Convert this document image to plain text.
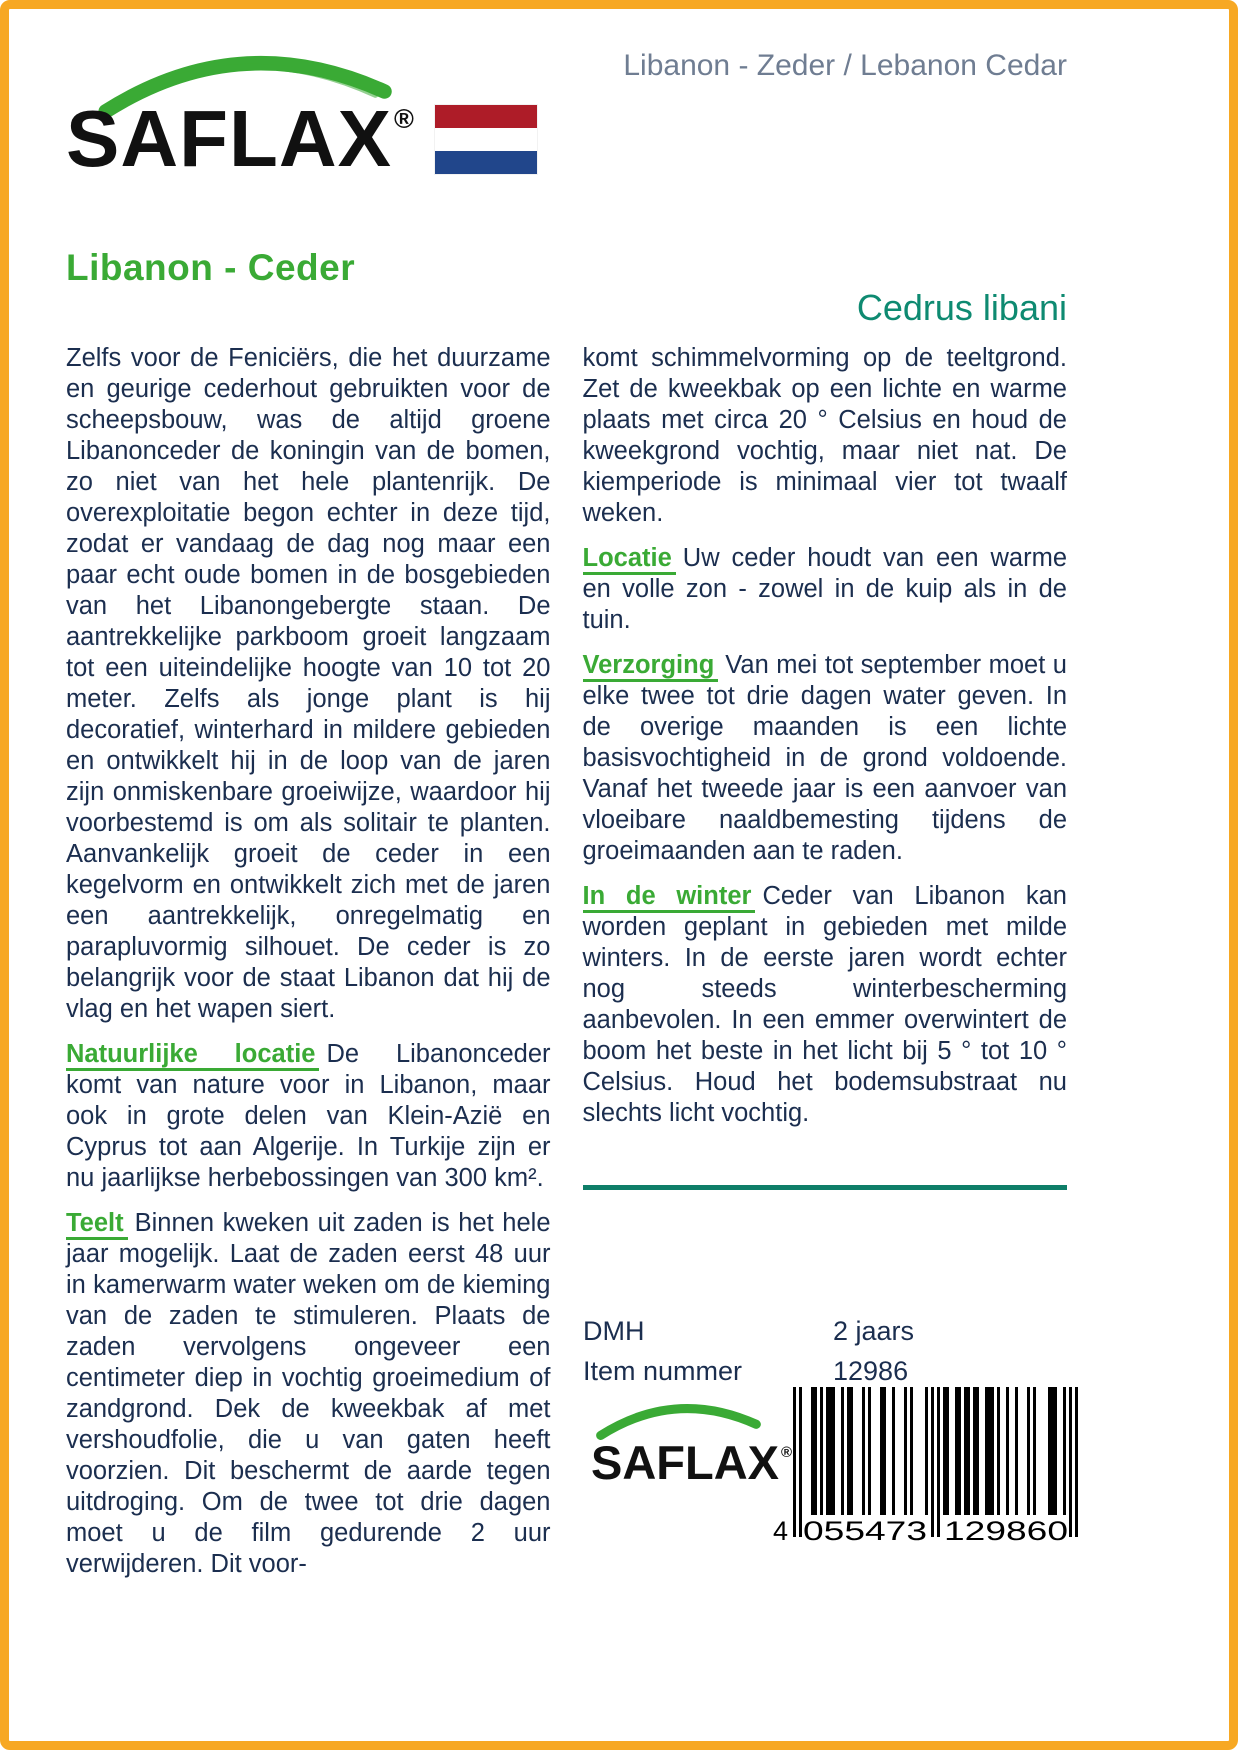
SAFLAX®
Libanon - Zeder / Lebanon Cedar
Libanon - Ceder
Cedrus libani

Zelfs voor de Feniciërs, die het duurzame en geurige cederhout gebruikten voor de scheepsbouw, was de altijd groene Libanonceder de koningin van de bomen, zo niet van het hele plantenrijk. De overexploitatie begon echter in deze tijd, zodat er vandaag de dag nog maar een paar echt oude bomen in de bosgebieden van het Libanongebergte staan. De aantrekkelijke parkboom groeit langzaam tot een uiteindelijke hoogte van 10 tot 20 meter. Zelfs als jonge plant is hij decoratief, winterhard in mildere gebieden en ontwikkelt hij in de loop van de jaren zijn onmiskenbare groeiwijze, waardoor hij voorbestemd is om als solitair te planten. Aanvankelijk groeit de ceder in een kegelvorm en ontwikkelt zich met de jaren een aantrekkelijk, onregelmatig en parapluvormig silhouet. De ceder is zo belangrijk voor de staat Libanon dat hij de vlag en het wapen siert.

Natuurlijke locatie De Libanonceder komt van nature voor in Libanon, maar ook in grote delen van Klein-Azië en Cyprus tot aan Algerije. In Turkije zijn er nu jaarlijkse herbebossingen van 300 km².

Teelt Binnen kweken uit zaden is het hele jaar mogelijk. Laat de zaden eerst 48 uur in kamerwarm water weken om de kieming van de zaden te stimuleren. Plaats de zaden vervolgens ongeveer een centimeter diep in vochtig groeimedium of zandgrond. Dek de kweekbak af met vershoudfolie, die u van gaten heeft voorzien. Dit beschermt de aarde tegen uitdroging. Om de twee tot drie dagen moet u de film gedurende 2 uur verwijderen. Dit voor-

komt schimmelvorming op de teeltgrond. Zet de kweekbak op een lichte en warme plaats met circa 20 ° Celsius en houd de kweekgrond vochtig, maar niet nat. De kiemperiode is minimaal vier tot twaalf weken.

Locatie Uw ceder houdt van een warme en volle zon - zowel in de kuip als in de tuin.

Verzorging Van mei tot september moet u elke twee tot drie dagen water geven. In de overige maanden is een lichte basisvochtigheid in de grond voldoende. Vanaf het tweede jaar is een aanvoer van vloeibare naaldbemesting tijdens de groeimaanden aan te raden.

In de winter Ceder van Libanon kan worden geplant in gebieden met milde winters. In de eerste jaren wordt echter nog steeds winterbescherming aanbevolen. In een emmer overwintert de boom het beste in het licht bij 5 ° tot 10 ° Celsius. Houd het bodemsubstraat nu slechts licht vochtig.

DMH	2 jaars
Item nummer	12986
SAFLAX ®
4 055473 129860
